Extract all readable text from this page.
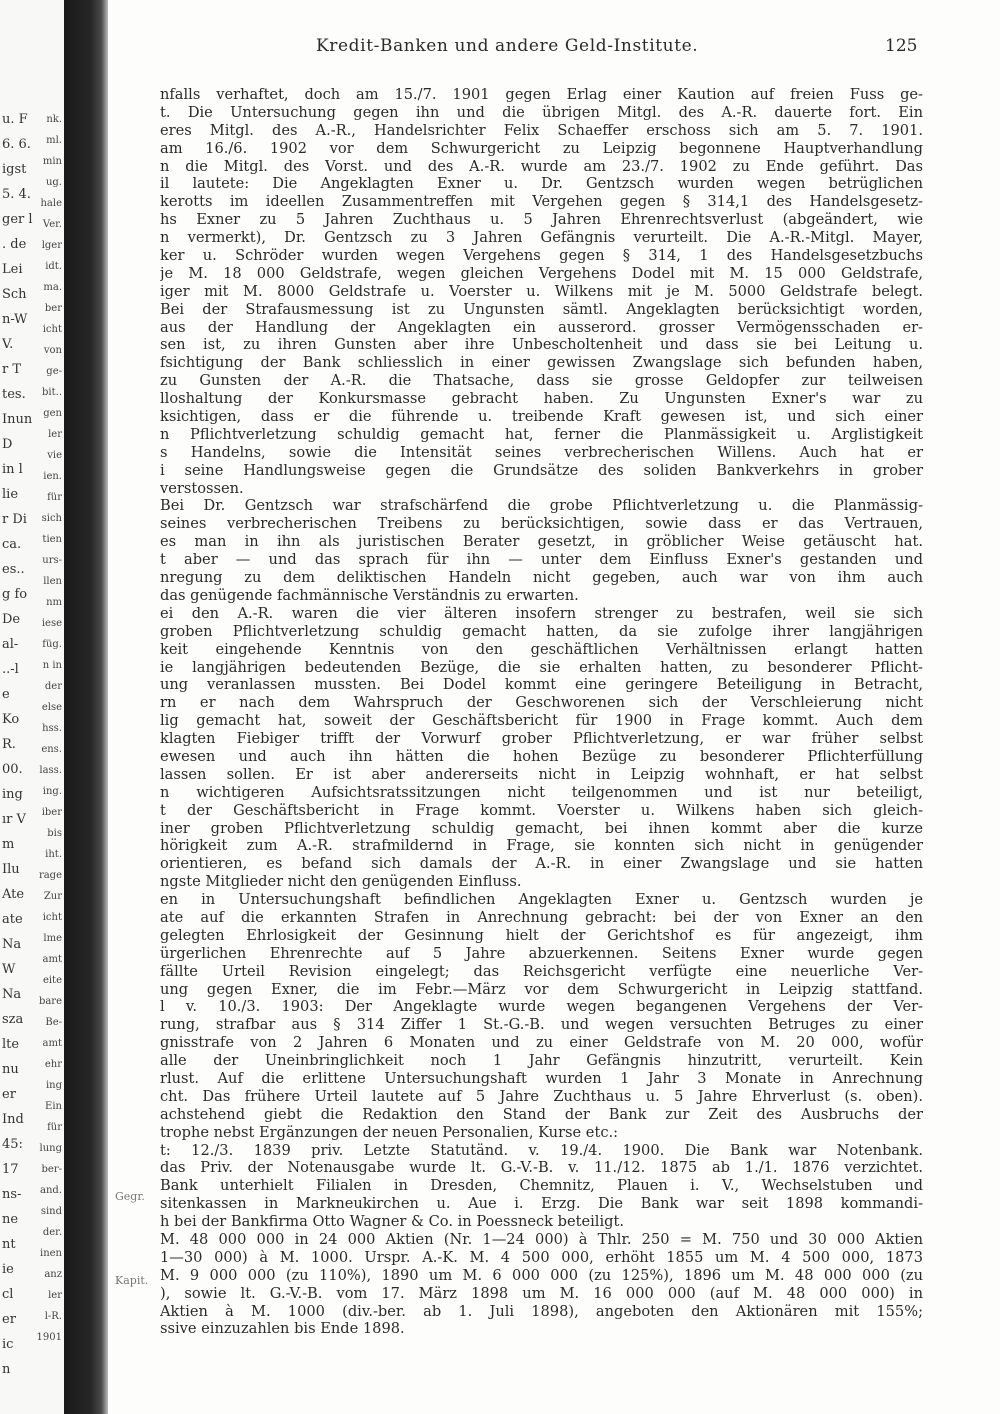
u. F
6. 6.
igst
5. 4.
ger l
. de
Lei
Sch
n-W
V.
r T
tes.
Inun
D
in l
lie
r Di
ca.
es..
g fo
De
al-
..-l
e
Ko
R.
00.
ing
ır V
m
Ilu
Ate
ate
Na
W
Na
sza
lte
nu
er
Ind
45:
17
ns-
ne
nt
ie
cl
er
ic
n
nk.
ml.
min
ug.
hale
Ver.
lger
idt.
ma.
ber
icht
von
ge-
bit..
gen
ler
vie
ien.
für
sich
tien
urs-
llen
nm
iese
füg.
n in
der
else
hss.
ens.
lass.
ing.
iber
bis
iht.
rage
Zur
icht
lme
amt
eite
bare
Be-
amt
ehr
ing
Ein
für
lung
ber-
and.
sind
der.
inen
anz
ler
l-R.
1901
Gegr.
Kapit.
Kredit-Banken und andere Geld-Institute.	125
nfalls verhaftet, doch am 15./7. 1901 gegen Erlag einer Kaution auf freien Fuss ge-
t. Die Untersuchung gegen ihn und die übrigen Mitgl. des A.-R. dauerte fort. Ein
eres Mitgl. des A.-R., Handelsrichter Felix Schaeffer erschoss sich am 5. 7. 1901.
am 16./6. 1902 vor dem Schwurgericht zu Leipzig begonnene Hauptverhandlung
n die Mitgl. des Vorst. und des A.-R. wurde am 23./7. 1902 zu Ende geführt. Das
il lautete: Die Angeklagten Exner u. Dr. Gentzsch wurden wegen betrüglichen
kerotts im ideellen Zusammentreffen mit Vergehen gegen § 314,1 des Handelsgesetz-
hs Exner zu 5 Jahren Zuchthaus u. 5 Jahren Ehrenrechtsverlust (abgeändert, wie
n vermerkt), Dr. Gentzsch zu 3 Jahren Gefängnis verurteilt. Die A.-R.-Mitgl. Mayer,
ker u. Schröder wurden wegen Vergehens gegen § 314, 1 des Handelsgesetzbuchs
je M. 18 000 Geldstrafe, wegen gleichen Vergehens Dodel mit M. 15 000 Geldstrafe,
iger mit M. 8000 Geldstrafe u. Voerster u. Wilkens mit je M. 5000 Geldstrafe belegt.
Bei der Strafausmessung ist zu Ungunsten sämtl. Angeklagten berücksichtigt worden,
aus der Handlung der Angeklagten ein ausserord. grosser Vermögensschaden er-
sen ist, zu ihren Gunsten aber ihre Unbescholtenheit und dass sie bei Leitung u.
fsichtigung der Bank schliesslich in einer gewissen Zwangslage sich befunden haben,
zu Gunsten der A.-R. die Thatsache, dass sie grosse Geldopfer zur teilweisen
lloshaltung der Konkursmasse gebracht haben. Zu Ungunsten Exner's war zu
ksichtigen, dass er die führende u. treibende Kraft gewesen ist, und sich einer
n Pflichtverletzung schuldig gemacht hat, ferner die Planmässigkeit u. Arglistigkeit
s Handelns, sowie die Intensität seines verbrecherischen Willens. Auch hat er
i seine Handlungsweise gegen die Grundsätze des soliden Bankverkehrs in grober
verstossen.
Bei Dr. Gentzsch war strafschärfend die grobe Pflichtverletzung u. die Planmässig-
seines verbrecherischen Treibens zu berücksichtigen, sowie dass er das Vertrauen,
es man in ihn als juristischen Berater gesetzt, in gröblicher Weise getäuscht hat.
t aber — und das sprach für ihn — unter dem Einfluss Exner's gestanden und
nregung zu dem deliktischen Handeln nicht gegeben, auch war von ihm auch
das genügende fachmännische Verständnis zu erwarten.
ei den A.-R. waren die vier älteren insofern strenger zu bestrafen, weil sie sich
groben Pflichtverletzung schuldig gemacht hatten, da sie zufolge ihrer langjährigen
keit eingehende Kenntnis von den geschäftlichen Verhältnissen erlangt hatten
ie langjährigen bedeutenden Bezüge, die sie erhalten hatten, zu besonderer Pflicht-
ung veranlassen mussten. Bei Dodel kommt eine geringere Beteiligung in Betracht,
rn er nach dem Wahrspruch der Geschworenen sich der Verschleierung nicht
lig gemacht hat, soweit der Geschäftsbericht für 1900 in Frage kommt. Auch dem
klagten Fiebiger trifft der Vorwurf grober Pflichtverletzung, er war früher selbst
ewesen und auch ihn hätten die hohen Bezüge zu besonderer Pflichterfüllung
lassen sollen. Er ist aber andererseits nicht in Leipzig wohnhaft, er hat selbst
n wichtigeren Aufsichtsratssitzungen nicht teilgenommen und ist nur beteiligt,
t der Geschäftsbericht in Frage kommt. Voerster u. Wilkens haben sich gleich-
iner groben Pflichtverletzung schuldig gemacht, bei ihnen kommt aber die kurze
hörigkeit zum A.-R. strafmildernd in Frage, sie konnten sich nicht in genügender
orientieren, es befand sich damals der A.-R. in einer Zwangslage und sie hatten
ngste Mitglieder nicht den genügenden Einfluss.
en in Untersuchungshaft befindlichen Angeklagten Exner u. Gentzsch wurden je
ate auf die erkannten Strafen in Anrechnung gebracht: bei der von Exner an den
gelegten Ehrlosigkeit der Gesinnung hielt der Gerichtshof es für angezeigt, ihm
ürgerlichen Ehrenrechte auf 5 Jahre abzuerkennen. Seitens Exner wurde gegen
fällte Urteil Revision eingelegt; das Reichsgericht verfügte eine neuerliche Ver-
ung gegen Exner, die im Febr.—März vor dem Schwurgericht in Leipzig stattfand.
l v. 10./3. 1903: Der Angeklagte wurde wegen begangenen Vergehens der Ver-
rung, strafbar aus § 314 Ziffer 1 St.-G.-B. und wegen versuchten Betruges zu einer
gnisstrafe von 2 Jahren 6 Monaten und zu einer Geldstrafe von M. 20 000, wofür
alle der Uneinbringlichkeit noch 1 Jahr Gefängnis hinzutritt, verurteilt. Kein
rlust. Auf die erlittene Untersuchungshaft wurden 1 Jahr 3 Monate in Anrechnung
cht. Das frühere Urteil lautete auf 5 Jahre Zuchthaus u. 5 Jahre Ehrverlust (s. oben).
achstehend giebt die Redaktion den Stand der Bank zur Zeit des Ausbruchs der
trophe nebst Ergänzungen der neuen Personalien, Kurse etc.:
t: 12./3. 1839 priv. Letzte Statutänd. v. 19./4. 1900. Die Bank war Notenbank.
das Priv. der Notenausgabe wurde lt. G.-V.-B. v. 11./12. 1875 ab 1./1. 1876 verzichtet.
Bank unterhielt Filialen in Dresden, Chemnitz, Plauen i. V., Wechselstuben und
sitenkassen in Markneukirchen u. Aue i. Erzg. Die Bank war seit 1898 kommandi-
h bei der Bankfirma Otto Wagner & Co. in Poessneck beteiligt.
M. 48 000 000 in 24 000 Aktien (Nr. 1—24 000) à Thlr. 250 = M. 750 und 30 000 Aktien
1—30 000) à M. 1000. Urspr. A.-K. M. 4 500 000, erhöht 1855 um M. 4 500 000, 1873
M. 9 000 000 (zu 110%), 1890 um M. 6 000 000 (zu 125%), 1896 um M. 48 000 000 (zu
), sowie lt. G.-V.-B. vom 17. März 1898 um M. 16 000 000 (auf M. 48 000 000) in
Aktien à M. 1000 (div.-ber. ab 1. Juli 1898), angeboten den Aktionären mit 155%;
ssive einzuzahlen bis Ende 1898.
